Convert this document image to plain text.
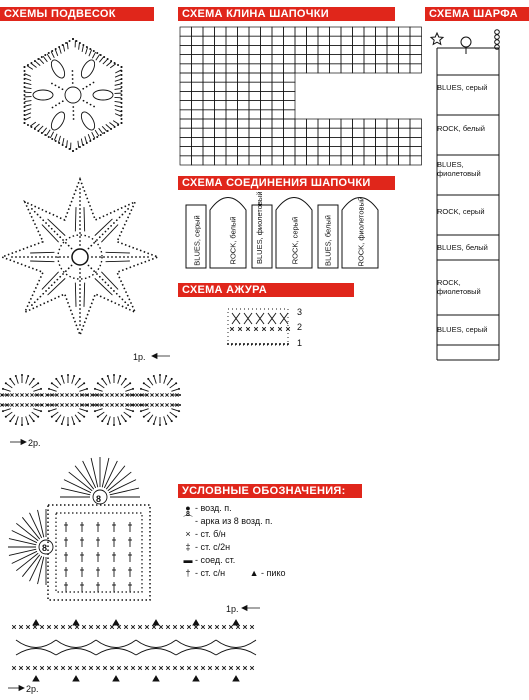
СХЕМЫ ПОДВЕСОК	СХЕМА КЛИНА ШАПОЧКИ	СХЕМА ШАРФА
СХЕМА СОЕДИНЕНИЯ ШАПОЧКИ
СХЕМА АЖУРА
УСЛОВНЫЕ ОБОЗНАЧЕНИЯ:
1р.
2р.
1р.
2р.
8
8
3
2
1
BLUES, серый	ROCK, белый BLUES, фиолетовый	ROCK, серый	BLUES, белый	ROCK, фиолетовый
BLUES, серый
ROCK, белый
BLUES, фиолетовый
ROCK, серый
BLUES, белый
ROCK, фиолетовый
BLUES, серый
● - возд. п.
⌒ - арка из 8 возд. п.
× - ст. б/н
‡ - ст. с/2н
▬ - соед. ст.
† - ст. с/н	▲ - пико
8
